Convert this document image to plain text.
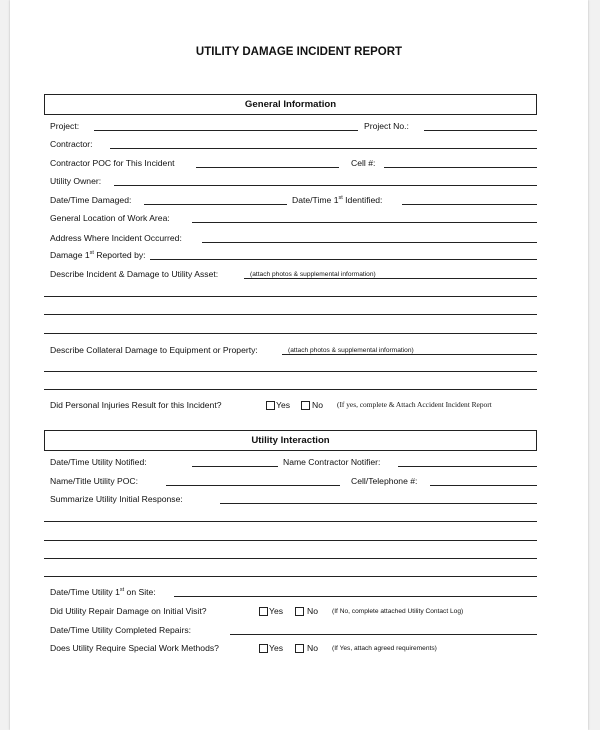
UTILITY DAMAGE INCIDENT REPORT
General Information
Project:	Project No.:
Contractor:
Contractor POC for This Incident	Cell #:
Utility Owner:
Date/Time Damaged:	Date/Time 1st Identified:
General Location of Work Area:
Address Where Incident Occurred:
Damage 1st Reported by:
Describe Incident & Damage to Utility Asset:	(attach photos & supplemental information)
Describe Collateral Damage to Equipment or Property:	(attach photos & supplemental information)
Did Personal Injuries Result for this Incident?	Yes	No (If yes, complete & Attach Accident Incident Report
Utility Interaction
Date/Time Utility Notified:	Name Contractor Notifier:
Name/Title Utility POC:	Cell/Telephone #:
Summarize Utility Initial Response:
Date/Time Utility 1st on Site:
Did Utility Repair Damage on Initial Visit?	Yes	No (If No, complete attached Utility Contact Log)
Date/Time Utility Completed Repairs:
Does Utility Require Special Work Methods?	Yes	No (If Yes, attach agreed requirements)
